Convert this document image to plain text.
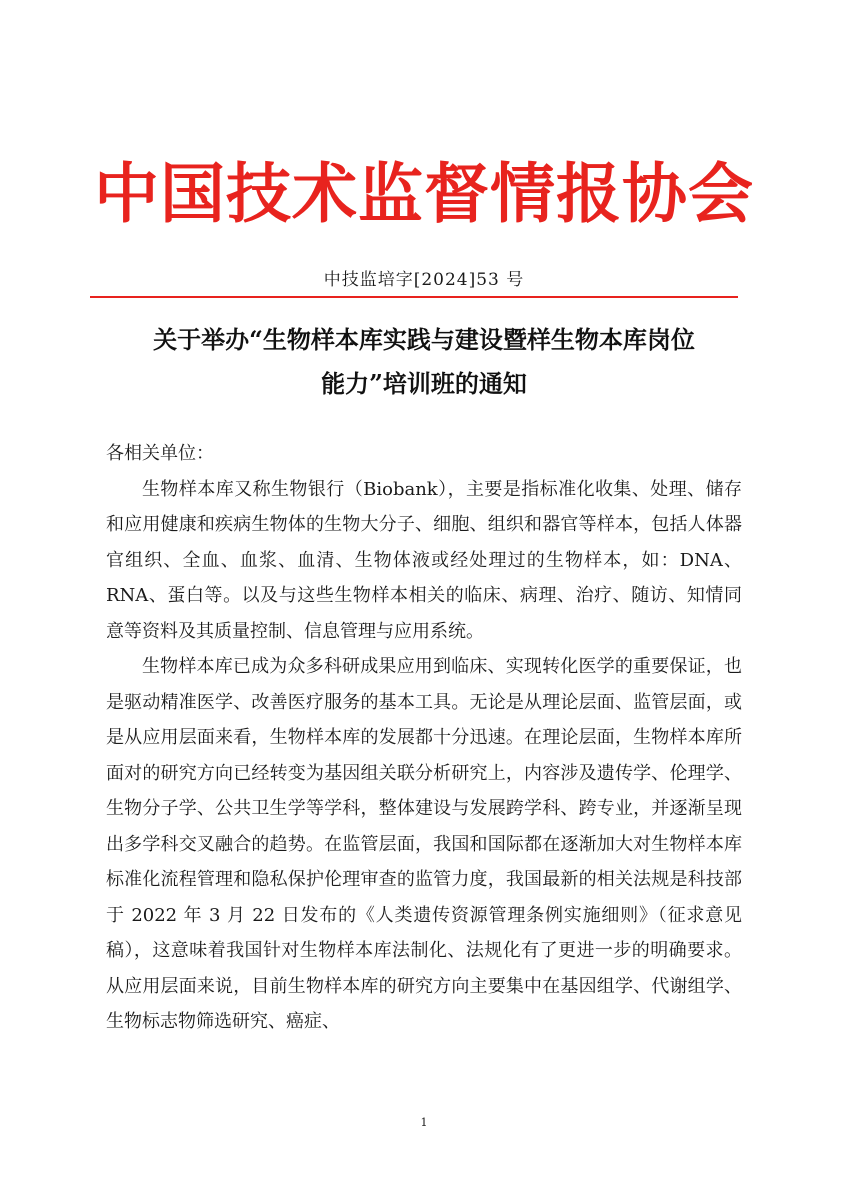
中国技术监督情报协会
中技监培字[2024]53 号
关于举办“生物样本库实践与建设暨样生物本库岗位
能力”培训班的通知

各相关单位：

生物样本库又称生物银行（Biobank），主要是指标准化收集、处理、储存和应用健康和疾病生物体的生物大分子、细胞、组织和器官等样本，包括人体器官组织、全血、血浆、血清、生物体液或经处理过的生物样本，如：DNA、RNA、蛋白等。以及与这些生物样本相关的临床、病理、治疗、随访、知情同意等资料及其质量控制、信息管理与应用系统。

生物样本库已成为众多科研成果应用到临床、实现转化医学的重要保证，也是驱动精准医学、改善医疗服务的基本工具。无论是从理论层面、监管层面，或是从应用层面来看，生物样本库的发展都十分迅速。在理论层面，生物样本库所面对的研究方向已经转变为基因组关联分析研究上，内容涉及遗传学、伦理学、生物分子学、公共卫生学等学科，整体建设与发展跨学科、跨专业，并逐渐呈现出多学科交叉融合的趋势。在监管层面，我国和国际都在逐渐加大对生物样本库标准化流程管理和隐私保护伦理审查的监管力度，我国最新的相关法规是科技部于 2022 年 3 月 22 日发布的《人类遗传资源管理条例实施细则》（征求意见稿），这意味着我国针对生物样本库法制化、法规化有了更进一步的明确要求。从应用层面来说，目前生物样本库的研究方向主要集中在基因组学、代谢组学、生物标志物筛选研究、癌症、

1
